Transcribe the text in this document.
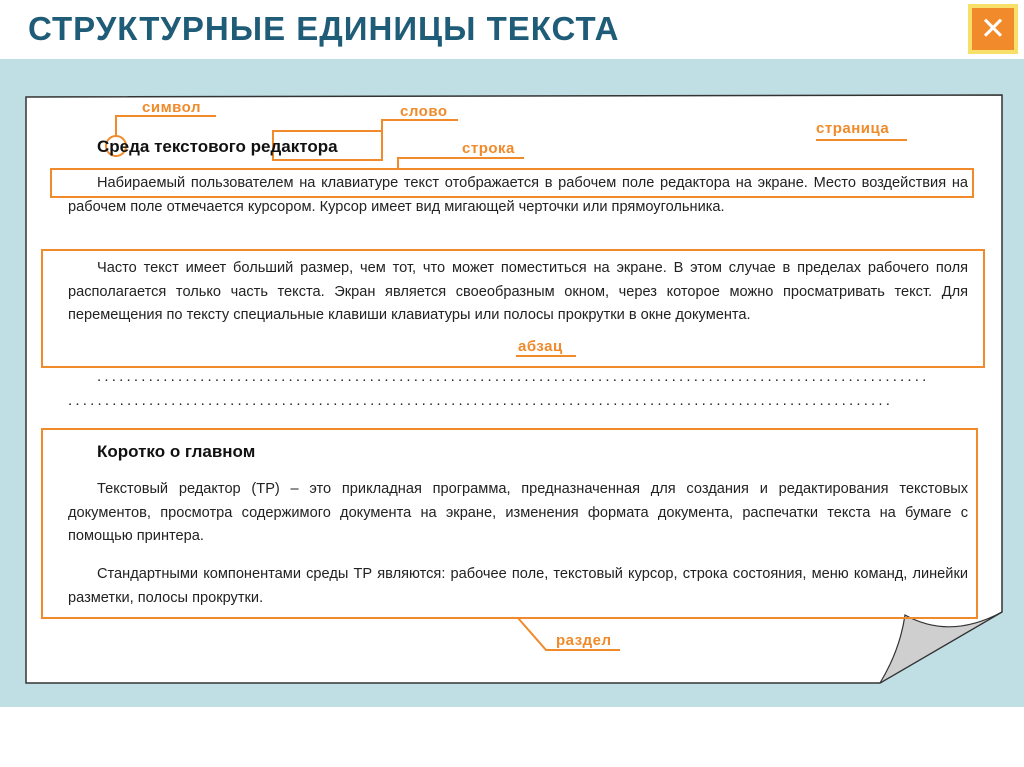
СТРУКТУРНЫЕ ЕДИНИЦЫ ТЕКСТА	✕
символ	слово
строка
страница
абзац
раздел
Среда текстового редактора
Набираемый пользователем на клавиатуре текст отображается в рабочем поле редактора на экране. Место воздействия на рабочем поле отмечается курсором. Курсор имеет вид мигающей черточки или прямоугольника.
Часто текст имеет больший размер, чем тот, что может поместиться на экране. В этом случае в пределах рабочего поля располагается только часть текста. Экран является своеобразным окном, через которое можно просматривать текст. Для перемещения по тексту специальные клавиши клавиатуры или полосы прокрутки в окне документа.
.................................................................................................................
................................................................................................................
Коротко о главном
Текстовый редактор (ТР) – это прикладная программа, предназначенная для создания и редактирования текстовых документов, просмотра содержимого документа на экране, изменения формата документа, распечатки текста на бумаге с помощью принтера.
Стандартными компонентами среды ТР являются: рабочее поле, текстовый курсор, строка состояния, меню команд, линейки разметки, полосы прокрутки.
